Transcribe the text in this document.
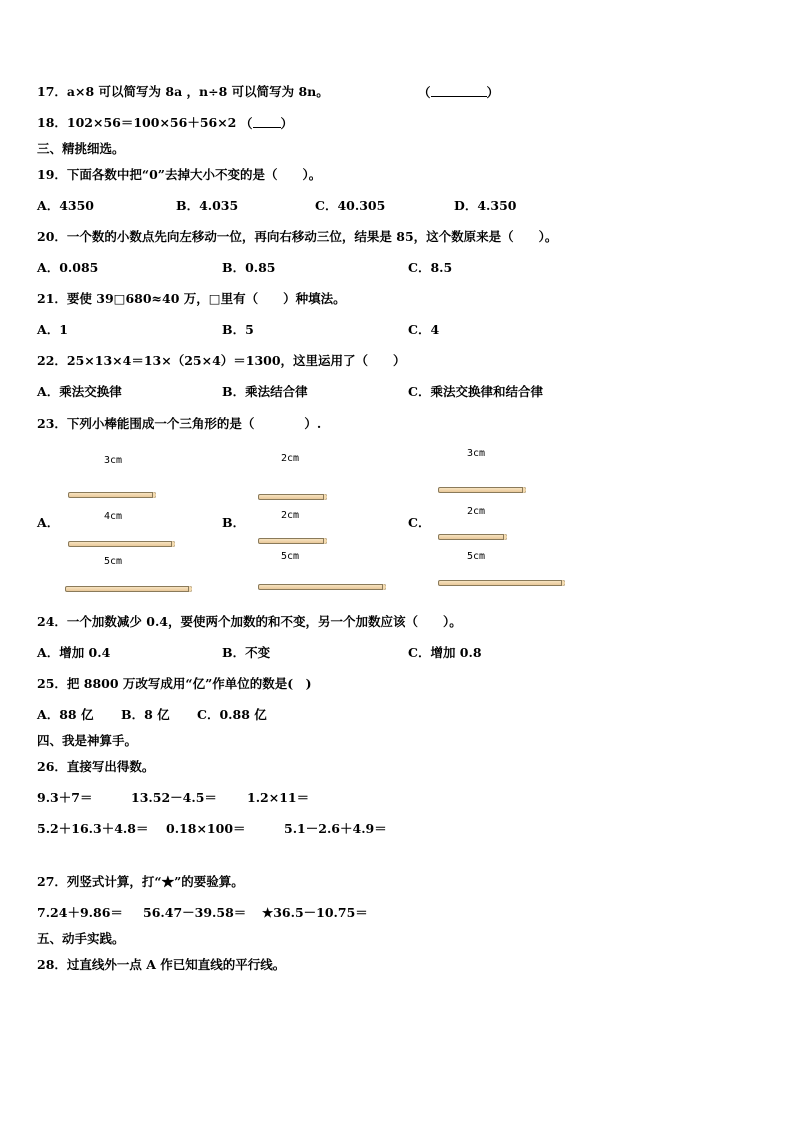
17．a×8 可以简写为 8a ，n÷8 可以简写为 8n。	（	）
18．102×56＝100×56＋56×2 （ ）
三、精挑细选。
19．下面各数中把“0”去掉大小不变的是（　　）。
A．4350	B．4.035	C．40.305	D．4.350
20．一个数的小数点先向左移动一位，再向右移动三位，结果是 85，这个数原来是（　　）。
A．0.085	B．0.85	C．8.5
21．要使 39□680≈40 万，□里有（　　）种填法。
A．1	B．5	C．4
22．25×13×4＝13×（25×4）＝1300，这里运用了（　　）
A．乘法交换律	B．乘法结合律	C．乘法交换律和结合律
23．下列小棒能围成一个三角形的是（　　　　）.
A．
3cm
4cm
5cm
B．
2cm
2cm
5cm
C．
3cm
2cm
5cm
24．一个加数减少 0.4，要使两个加数的和不变，另一个加数应该（　　）。
A．增加 0.4	B．不变	C．增加 0.8
25．把 8800 万改写成用“亿”作单位的数是(　)
A．88 亿 B．8 亿 C．0.88 亿
四、我是神算手。
26．直接写出得数。
9.3＋7＝	13.52－4.5＝ 1.2×11＝
5.2＋16.3＋4.8＝ 0.18×100＝	5.1－2.6＋4.9＝
27．列竖式计算，打“★”的要验算。
7.24＋9.86＝ 56.47－39.58＝ ★36.5－10.75＝
五、动手实践。
28．过直线外一点 A 作已知直线的平行线。
